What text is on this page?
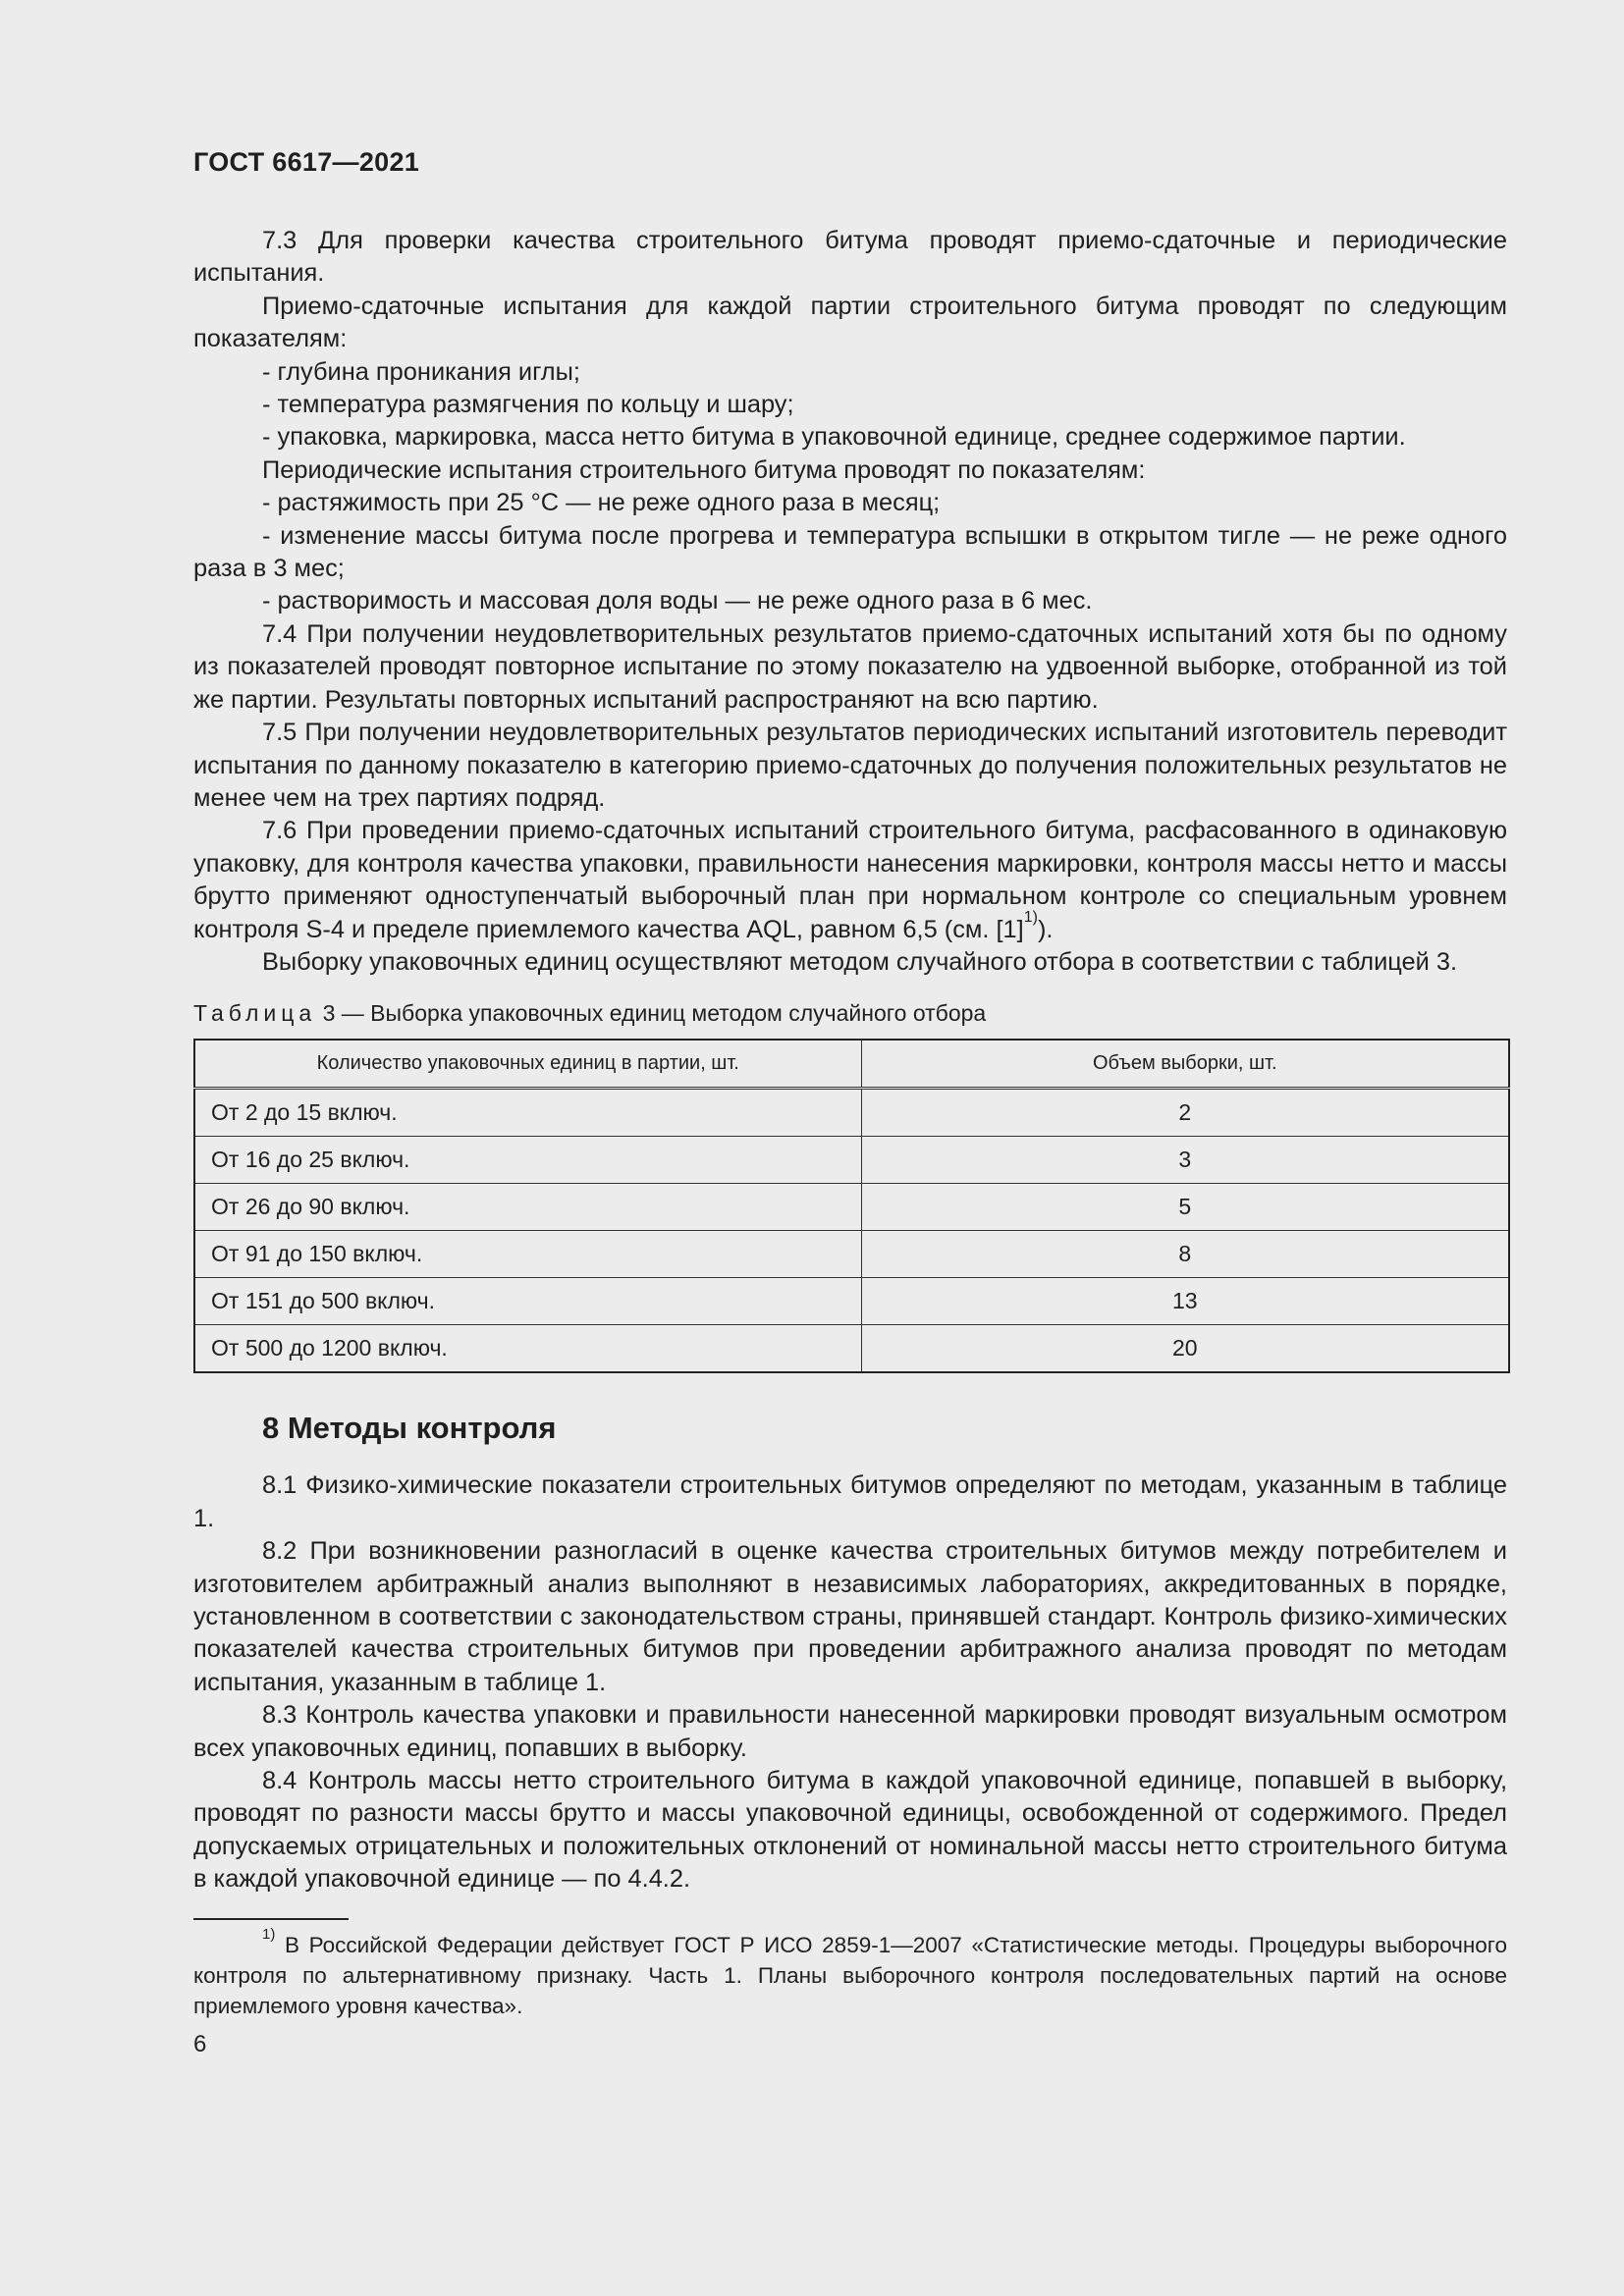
ГОСТ 6617—2021

7.3 Для проверки качества строительного битума проводят приемо-сдаточные и периодические испытания.

Приемо-сдаточные испытания для каждой партии строительного битума проводят по следующим показателям:

- глубина проникания иглы;

- температура размягчения по кольцу и шару;

- упаковка, маркировка, масса нетто битума в упаковочной единице, среднее содержимое партии.

Периодические испытания строительного битума проводят по показателям:

- растяжимость при 25 °C — не реже одного раза в месяц;

- изменение массы битума после прогрева и температура вспышки в открытом тигле — не реже одного раза в 3 мес;

- растворимость и массовая доля воды — не реже одного раза в 6 мес.

7.4 При получении неудовлетворительных результатов приемо-сдаточных испытаний хотя бы по одному из показателей проводят повторное испытание по этому показателю на удвоенной выборке, отобранной из той же партии. Результаты повторных испытаний распространяют на всю партию.

7.5 При получении неудовлетворительных результатов периодических испытаний изготовитель переводит испытания по данному показателю в категорию приемо-сдаточных до получения положительных результатов не менее чем на трех партиях подряд.

7.6 При проведении приемо-сдаточных испытаний строительного битума, расфасованного в одинаковую упаковку, для контроля качества упаковки, правильности нанесения маркировки, контроля массы нетто и массы брутто применяют одноступенчатый выборочный план при нормальном контроле со специальным уровнем контроля S-4 и пределе приемлемого качества AQL, равном 6,5 (см. $[1]^{1)}$).

Выборку упаковочных единиц осуществляют методом случайного отбора в соответствии с таблицей 3.

Таблица 3 — Выборка упаковочных единиц методом случайного отбора
Количество упаковочных единиц в партии, шт.	Объем выборки, шт.
От 2 до 15 включ.	2
От 16 до 25 включ.	3
От 26 до 90 включ.	5
От 91 до 150 включ.	8
От 151 до 500 включ.	13
От 500 до 1200 включ.	20
8 Методы контроля

8.1 Физико-химические показатели строительных битумов определяют по методам, указанным в таблице 1.

8.2 При возникновении разногласий в оценке качества строительных битумов между потребителем и изготовителем арбитражный анализ выполняют в независимых лабораториях, аккредитованных в порядке, установленном в соответствии с законодательством страны, принявшей стандарт. Контроль физико-химических показателей качества строительных битумов при проведении арбитражного анализа проводят по методам испытания, указанным в таблице 1.

8.3 Контроль качества упаковки и правильности нанесенной маркировки проводят визуальным осмотром всех упаковочных единиц, попавших в выборку.

8.4 Контроль массы нетто строительного битума в каждой упаковочной единице, попавшей в выборку, проводят по разности массы брутто и массы упаковочной единицы, освобожденной от содержимого. Предел допускаемых отрицательных и положительных отклонений от номинальной массы нетто строительного битума в каждой упаковочной единице — по 4.4.2.

$^{1)}$ В Российской Федерации действует ГОСТ Р ИСО 2859-1—2007 «Статистические методы. Процедуры выборочного контроля по альтернативному признаку. Часть 1. Планы выборочного контроля последовательных партий на основе приемлемого уровня качества».

6
